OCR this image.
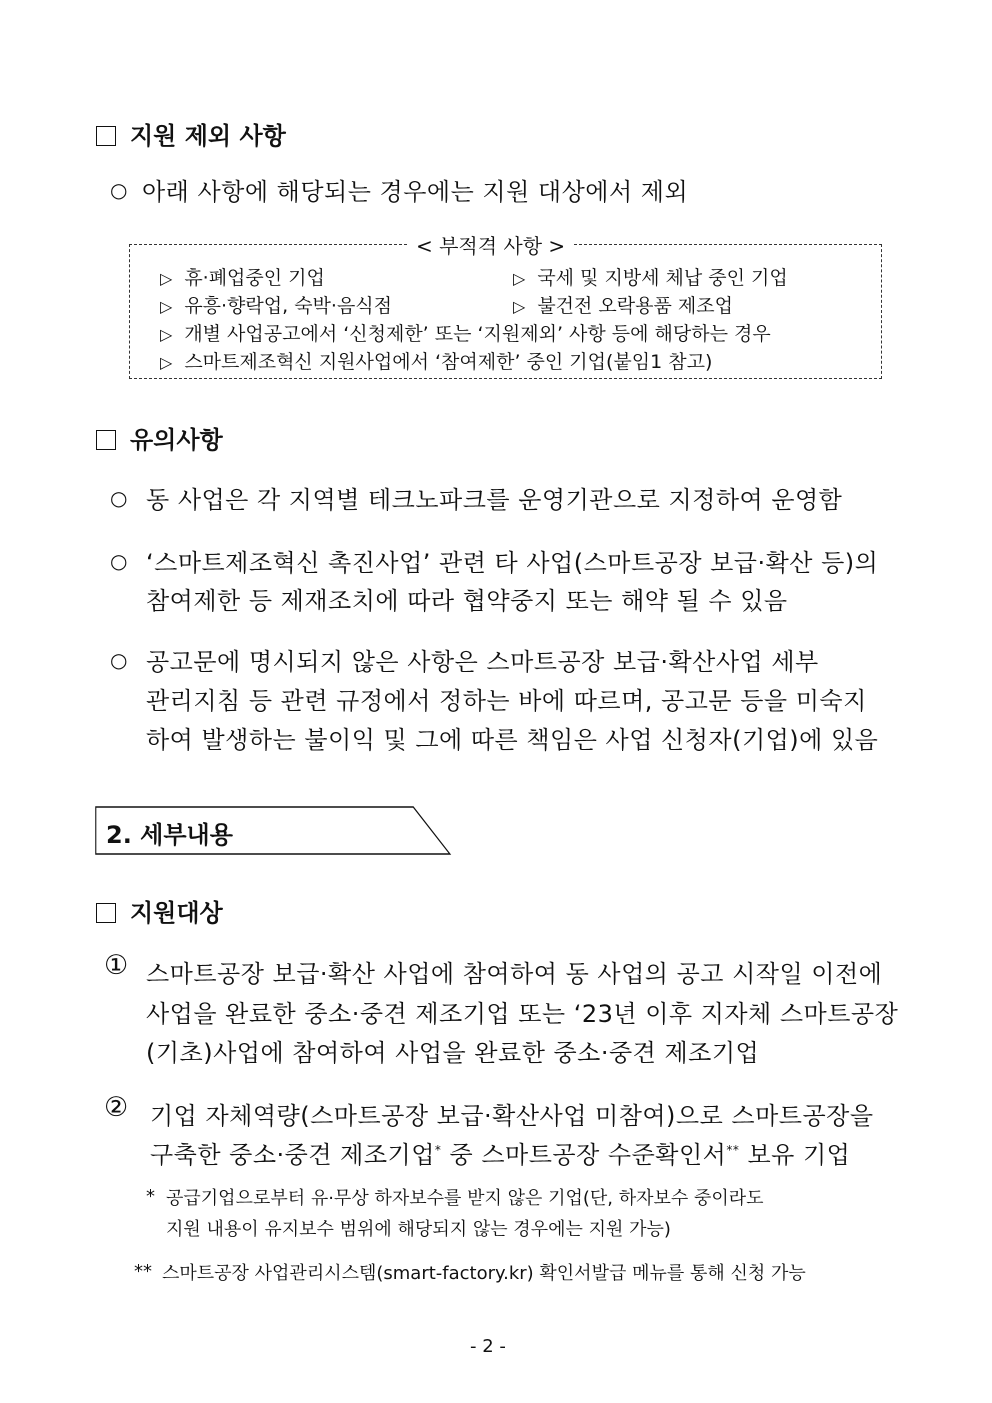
지원 제외 사항
○ 아래 사항에 해당되는 경우에는 지원 대상에서 제외
< 부적격 사항 >
▷ 휴·폐업중인 기업	▷ 국세 및 지방세 체납 중인 기업
▷ 유흥·향락업, 숙박·음식점	▷ 불건전 오락용품 제조업
▷ 개별 사업공고에서 ‘신청제한’ 또는 ‘지원제외’ 사항 등에 해당하는 경우
▷ 스마트제조혁신 지원사업에서 ‘참여제한’ 중인 기업(붙임1 참고)
유의사항
○ 동 사업은 각 지역별 테크노파크를 운영기관으로 지정하여 운영함
○ ‘스마트제조혁신 촉진사업’ 관련 타 사업(스마트공장 보급·확산 등)의
참여제한 등 제재조치에 따라 협약중지 또는 해약 될 수 있음
○ 공고문에 명시되지 않은 사항은 스마트공장 보급·확산사업 세부
관리지침 등 관련 규정에서 정하는 바에 따르며, 공고문 등을 미숙지
하여 발생하는 불이익 및 그에 따른 책임은 사업 신청자(기업)에 있음
2. 세부내용
지원대상
① 스마트공장 보급·확산 사업에 참여하여 동 사업의 공고 시작일 이전에
사업을 완료한 중소·중견 제조기업 또는 ‘23년 이후 지자체 스마트공장
(기초)사업에 참여하여 사업을 완료한 중소·중견 제조기업
② 기업 자체역량(스마트공장 보급·확산사업 미참여)으로 스마트공장을
구축한 중소·중견 제조기업* 중 스마트공장 수준확인서** 보유 기업
* 공급기업으로부터 유·무상 하자보수를 받지 않은 기업(단, 하자보수 중이라도
지원 내용이 유지보수 범위에 해당되지 않는 경우에는 지원 가능)
** 스마트공장 사업관리시스템(smart-factory.kr) 확인서발급 메뉴를 통해 신청 가능
- 2 -
